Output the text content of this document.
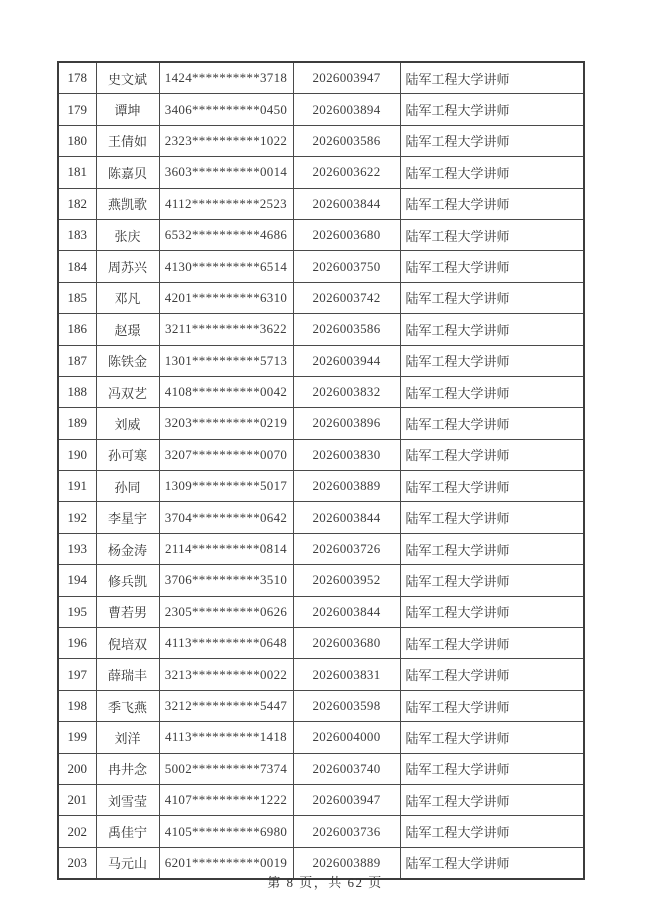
178	史文斌	1424**********3718	2026003947	陆军工程大学讲师
179	谭坤	3406**********0450	2026003894	陆军工程大学讲师
180	王倩如	2323**********1022	2026003586	陆军工程大学讲师
181	陈嘉贝	3603**********0014	2026003622	陆军工程大学讲师
182	燕凯歌	4112**********2523	2026003844	陆军工程大学讲师
183	张庆	6532**********4686	2026003680	陆军工程大学讲师
184	周苏兴	4130**********6514	2026003750	陆军工程大学讲师
185	邓凡	4201**********6310	2026003742	陆军工程大学讲师
186	赵璟	3211**********3622	2026003586	陆军工程大学讲师
187	陈铁金	1301**********5713	2026003944	陆军工程大学讲师
188	冯双艺	4108**********0042	2026003832	陆军工程大学讲师
189	刘威	3203**********0219	2026003896	陆军工程大学讲师
190	孙可寒	3207**********0070	2026003830	陆军工程大学讲师
191	孙同	1309**********5017	2026003889	陆军工程大学讲师
192	李星宇	3704**********0642	2026003844	陆军工程大学讲师
193	杨金涛	2114**********0814	2026003726	陆军工程大学讲师
194	修兵凯	3706**********3510	2026003952	陆军工程大学讲师
195	曹若男	2305**********0626	2026003844	陆军工程大学讲师
196	倪培双	4113**********0648	2026003680	陆军工程大学讲师
197	薛瑞丰	3213**********0022	2026003831	陆军工程大学讲师
198	季飞燕	3212**********5447	2026003598	陆军工程大学讲师
199	刘洋	4113**********1418	2026004000	陆军工程大学讲师
200	冉井念	5002**********7374	2026003740	陆军工程大学讲师
201	刘雪莹	4107**********1222	2026003947	陆军工程大学讲师
202	禹佳宁	4105**********6980	2026003736	陆军工程大学讲师
203	马元山	6201**********0019	2026003889	陆军工程大学讲师
第 8 页，共 62 页
